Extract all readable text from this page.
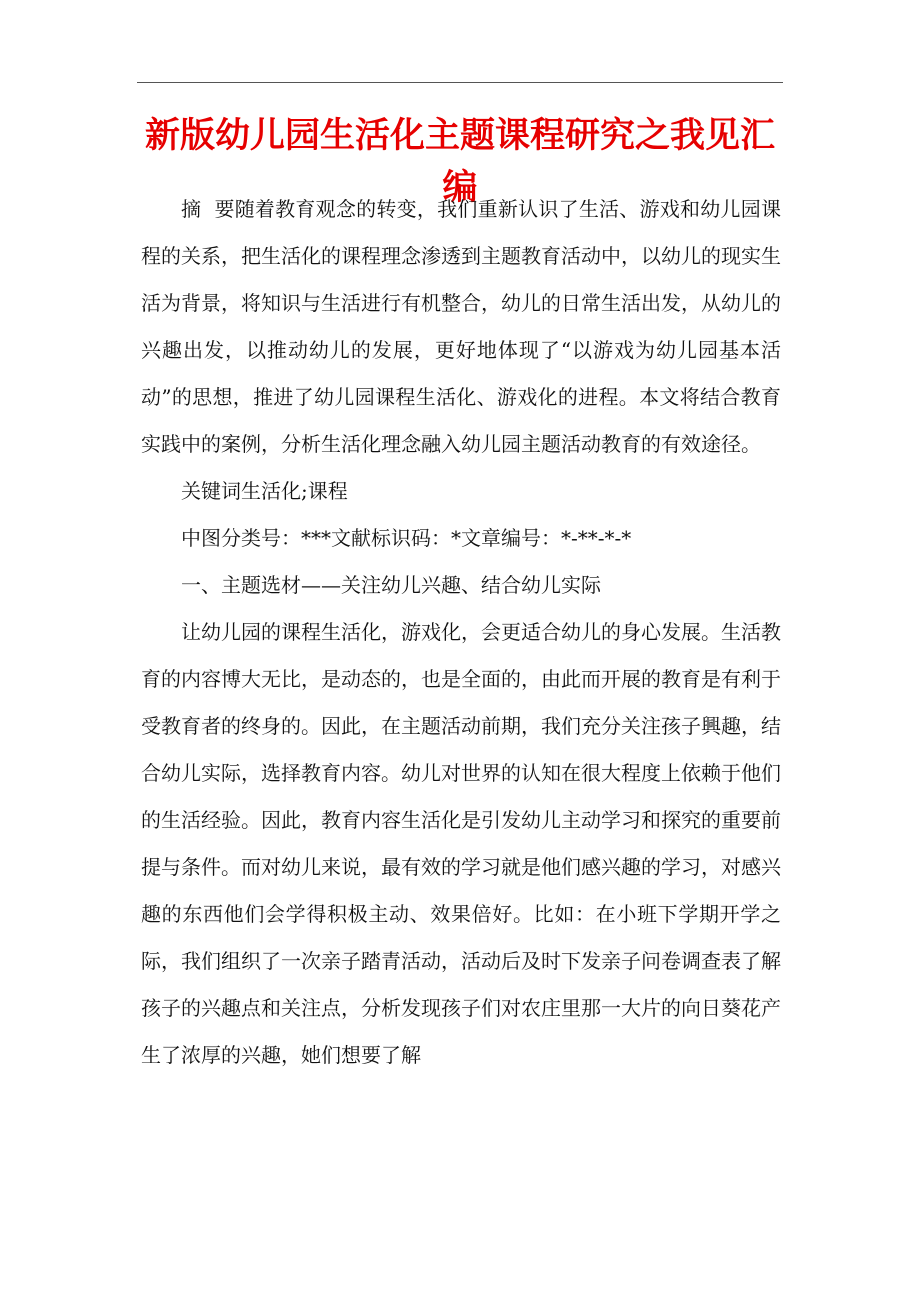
新版幼儿园生活化主题课程研究之我见汇编

摘  要随着教育观念的转变，我们重新认识了生活、游戏和幼儿园课程的关系，把生活化的课程理念渗透到主题教育活动中，以幼儿的现实生活为背景，将知识与生活进行有机整合，幼儿的日常生活出发，从幼儿的兴趣出发，以推动幼儿的发展，更好地体现了“以游戏为幼儿园基本活动”的思想，推进了幼儿园课程生活化、游戏化的进程。本文将结合教育实践中的案例，分析生活化理念融入幼儿园主题活动教育的有效途径。

关键词生活化;课程

中图分类号：***文献标识码：*文章编号：*-**-*-*

一、主题选材——关注幼儿兴趣、结合幼儿实际

让幼儿园的课程生活化，游戏化，会更适合幼儿的身心发展。生活教育的内容博大无比，是动态的，也是全面的，由此而开展的教育是有利于受教育者的终身的。因此，在主题活动前期，我们充分关注孩子興趣，结合幼儿实际，选择教育内容。幼儿对世界的认知在很大程度上依赖于他们的生活经验。因此，教育内容生活化是引发幼儿主动学习和探究的重要前提与条件。而对幼儿来说，最有效的学习就是他们感兴趣的学习，对感兴趣的东西他们会学得积极主动、效果倍好。比如：在小班下学期开学之际，我们组织了一次亲子踏青活动，活动后及时下发亲子问卷调查表了解孩子的兴趣点和关注点，分析发现孩子们对农庄里那一大片的向日葵花产生了浓厚的兴趣，她们想要了解
